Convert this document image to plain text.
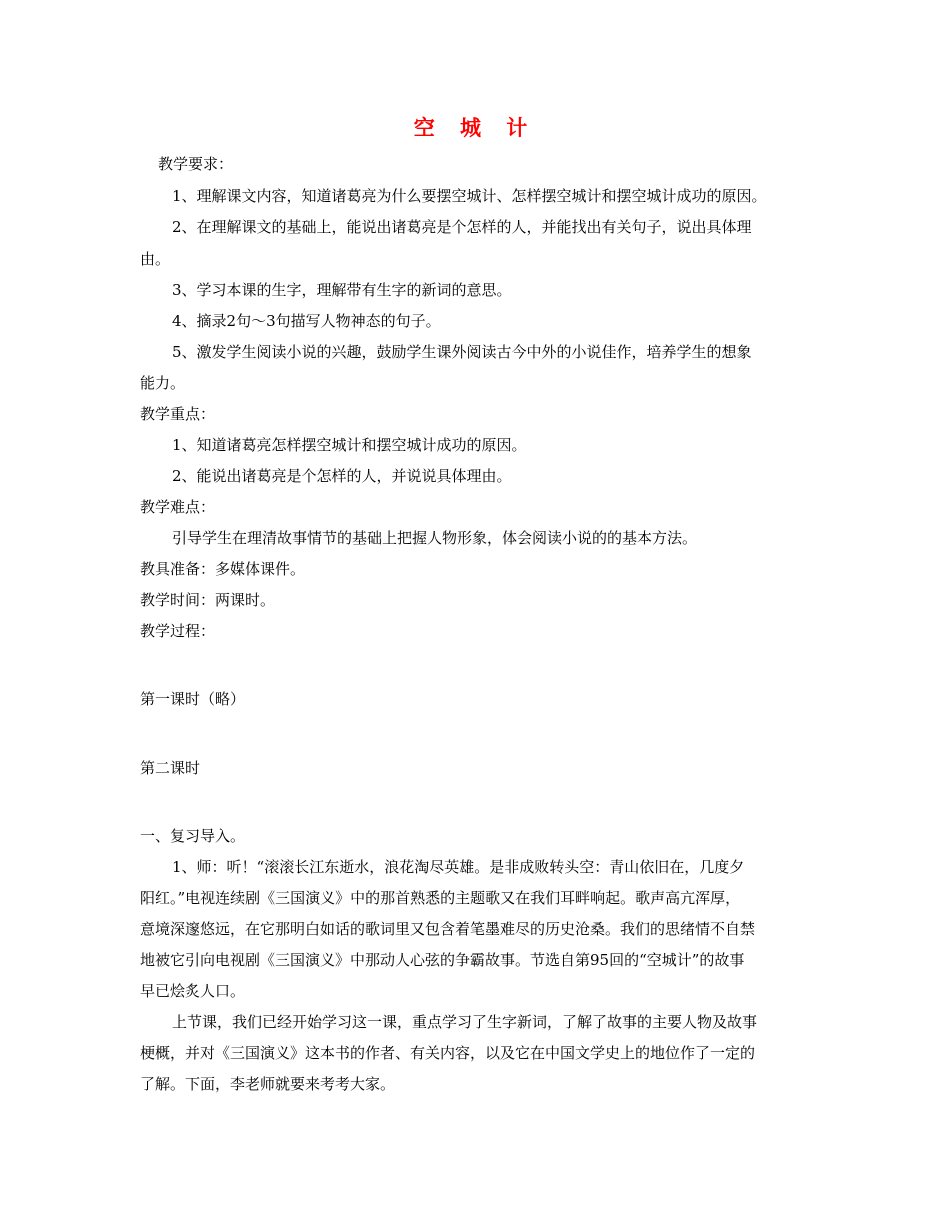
空 城 计
教学要求：
1、理解课文内容，知道诸葛亮为什么要摆空城计、怎样摆空城计和摆空城计成功的原因。
2、在理解课文的基础上，能说出诸葛亮是个怎样的人，并能找出有关句子，说出具体理
由。
3、学习本课的生字，理解带有生字的新词的意思。
4、摘录2句～3句描写人物神态的句子。
5、激发学生阅读小说的兴趣，鼓励学生课外阅读古今中外的小说佳作，培养学生的想象
能力。
教学重点：
1、知道诸葛亮怎样摆空城计和摆空城计成功的原因。
2、能说出诸葛亮是个怎样的人，并说说具体理由。
教学难点：
引导学生在理清故事情节的基础上把握人物形象，体会阅读小说的的基本方法。
教具准备：多媒体课件。
教学时间：两课时。
教学过程：
第一课时（略）
第二课时
一、复习导入。
1、师：听！“滚滚长江东逝水，浪花淘尽英雄。是非成败转头空：青山依旧在，几度夕
阳红。”电视连续剧《三国演义》中的那首熟悉的主题歌又在我们耳畔响起。歌声高亢浑厚，
意境深邃悠远，在它那明白如话的歌词里又包含着笔墨难尽的历史沧桑。我们的思绪情不自禁
地被它引向电视剧《三国演义》中那动人心弦的争霸故事。节选自第95回的“空城计”的故事
早已烩炙人口。
上节课，我们已经开始学习这一课，重点学习了生字新词，了解了故事的主要人物及故事
梗概，并对《三国演义》这本书的作者、有关内容，以及它在中国文学史上的地位作了一定的
了解。下面，李老师就要来考考大家。
